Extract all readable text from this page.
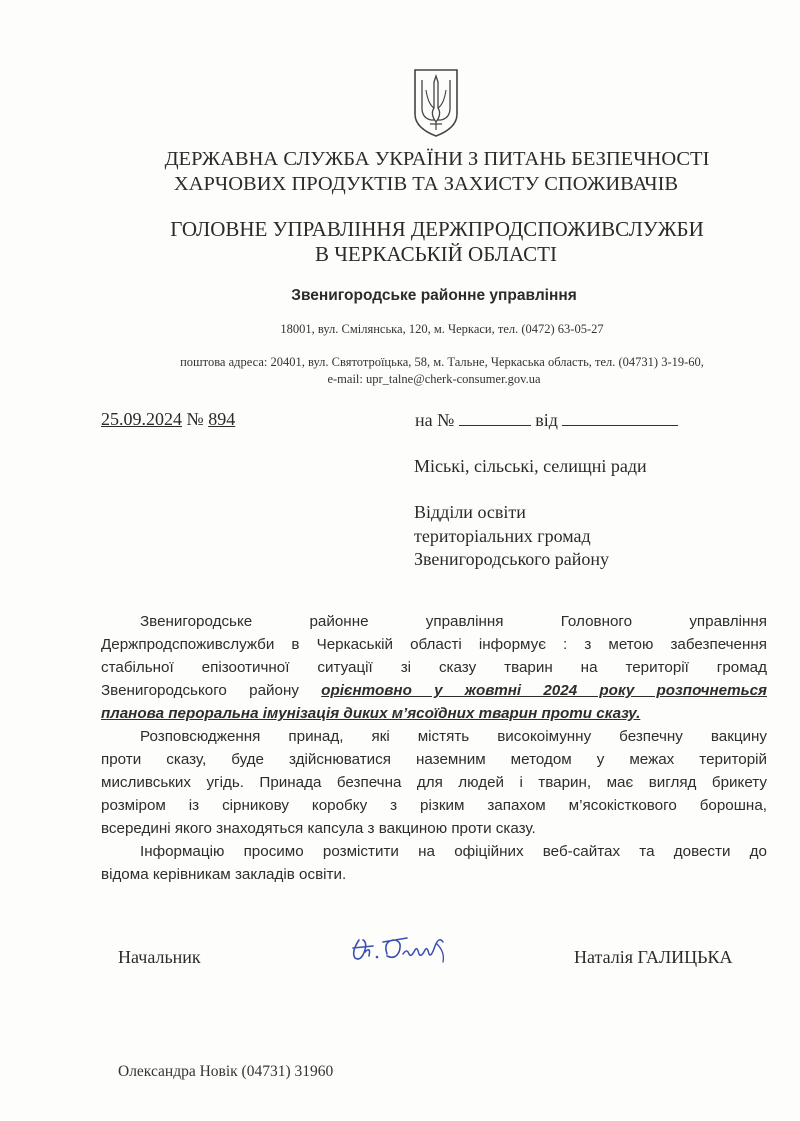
ДЕРЖАВНА СЛУЖБА УКРАЇНИ З ПИТАНЬ БЕЗПЕЧНОСТІ
ХАРЧОВИХ ПРОДУКТІВ ТА ЗАХИСТУ СПОЖИВАЧІВ
ГОЛОВНЕ УПРАВЛІННЯ ДЕРЖПРОДСПОЖИВСЛУЖБИ
В ЧЕРКАСЬКІЙ ОБЛАСТІ
Звенигородське районне управління
18001, вул. Смілянська, 120, м. Черкаси, тел. (0472) 63-05-27
поштова адреса: 20401, вул. Святотроїцька, 58, м. Тальне, Черкаська область, тел. (04731) 3-19-60,
e-mail: upr_talne@cherk-consumer.gov.ua
25.09.2024 № 894	на №	від
Міські, сільські, селищні ради
Відділи освіти
територіальних громад
Звенигородського району
Звенигородське районне управління Головного управління
Держпродспоживслужби в Черкаській області інформує : з метою забезпечення
стабільної епізоотичної ситуації зі сказу тварин на території громад
Звенигородського району орієнтовно у жовтні 2024 року розпочнеться
планова пероральна імунізація диких м’ясоїдних тварин проти сказу.
Розповсюдження принад, які містять високоімунну безпечну вакцину
проти сказу, буде здійснюватися наземним методом у межах територій
мисливських угідь. Принада безпечна для людей і тварин, має вигляд брикету
розміром із сірникову коробку з різким запахом м’ясокісткового борошна,
всередині якого знаходяться капсула з вакциною проти сказу.
Інформацію просимо розмістити на офіційних веб-сайтах та довести до
відома керівникам закладів освіти.
Начальник	Наталія ГАЛИЦЬКА
Олександра Новік (04731) 31960
